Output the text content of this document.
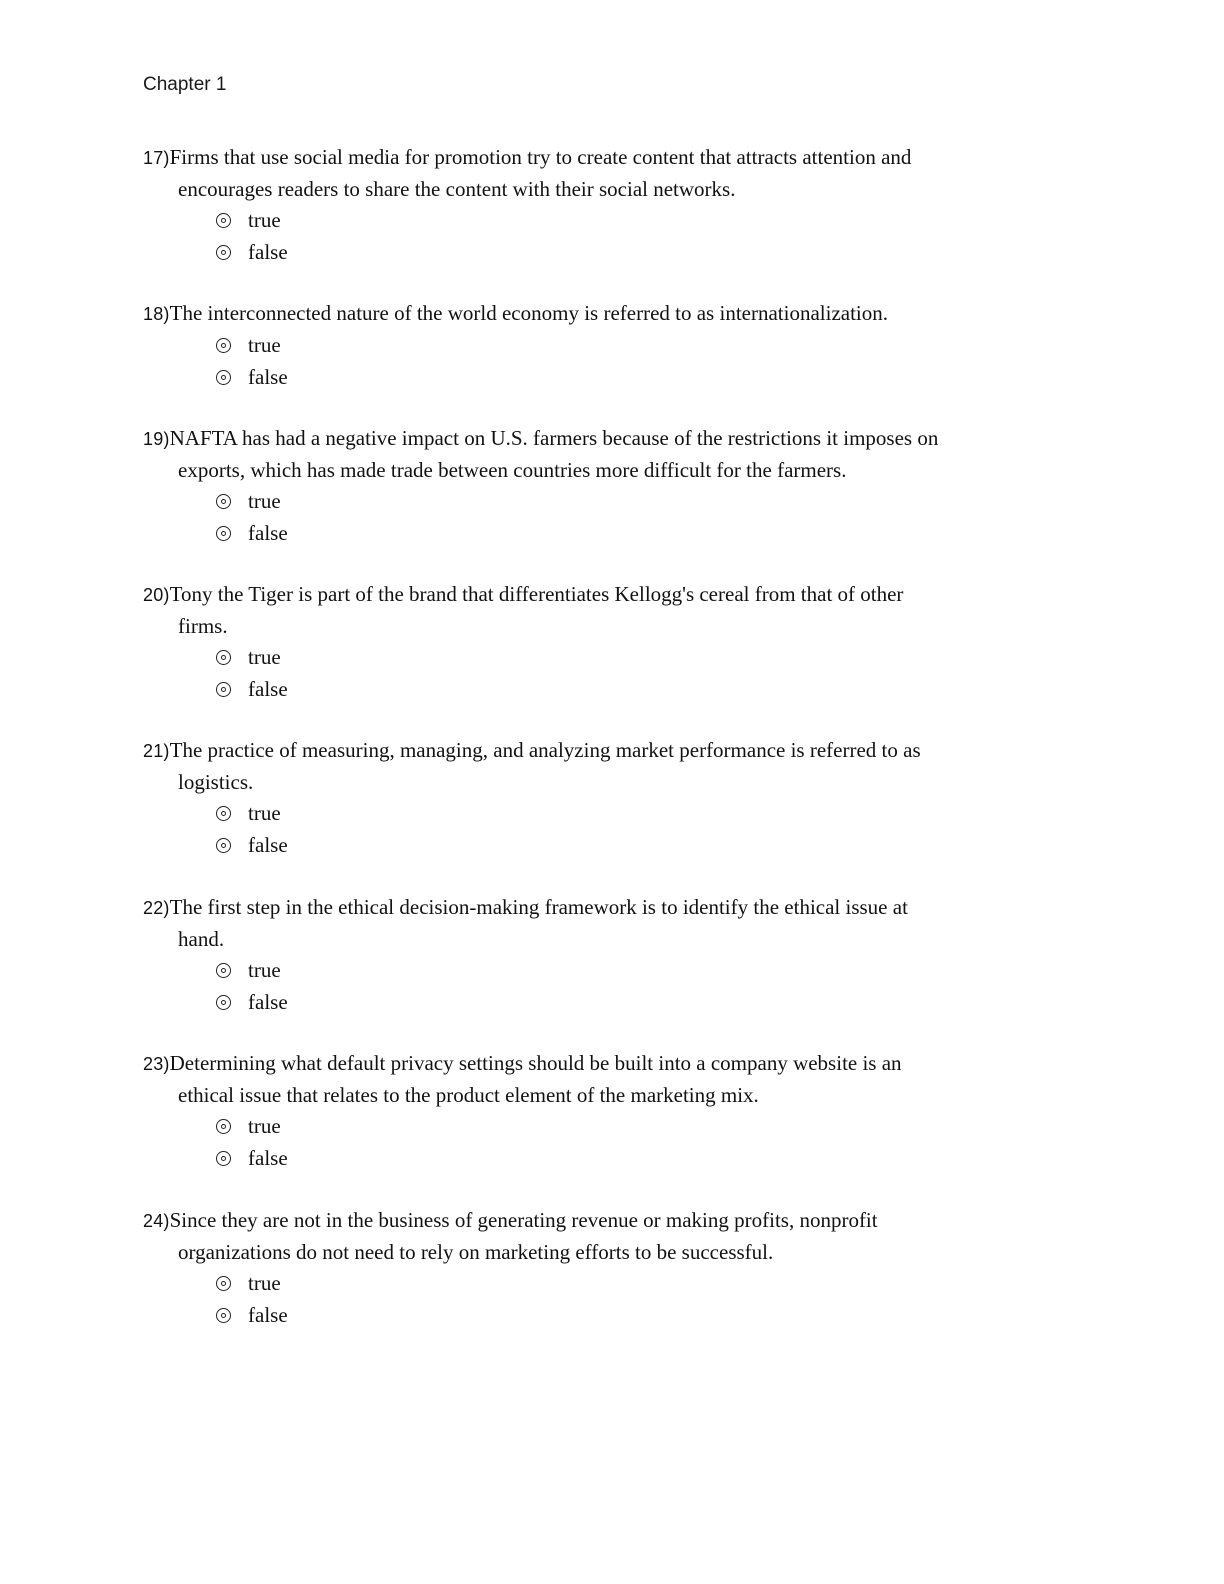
Chapter 1
17)Firms that use social media for promotion try to create content that attracts attention and
encourages readers to share the content with their social networks.
true
false
18)The interconnected nature of the world economy is referred to as internationalization.
true
false
19)NAFTA has had a negative impact on U.S. farmers because of the restrictions it imposes on
exports, which has made trade between countries more difficult for the farmers.
true
false
20)Tony the Tiger is part of the brand that differentiates Kellogg's cereal from that of other
firms.
true
false
21)The practice of measuring, managing, and analyzing market performance is referred to as
logistics.
true
false
22)The first step in the ethical decision-making framework is to identify the ethical issue at
hand.
true
false
23)Determining what default privacy settings should be built into a company website is an
ethical issue that relates to the product element of the marketing mix.
true
false
24)Since they are not in the business of generating revenue or making profits, nonprofit
organizations do not need to rely on marketing efforts to be successful.
true
false
